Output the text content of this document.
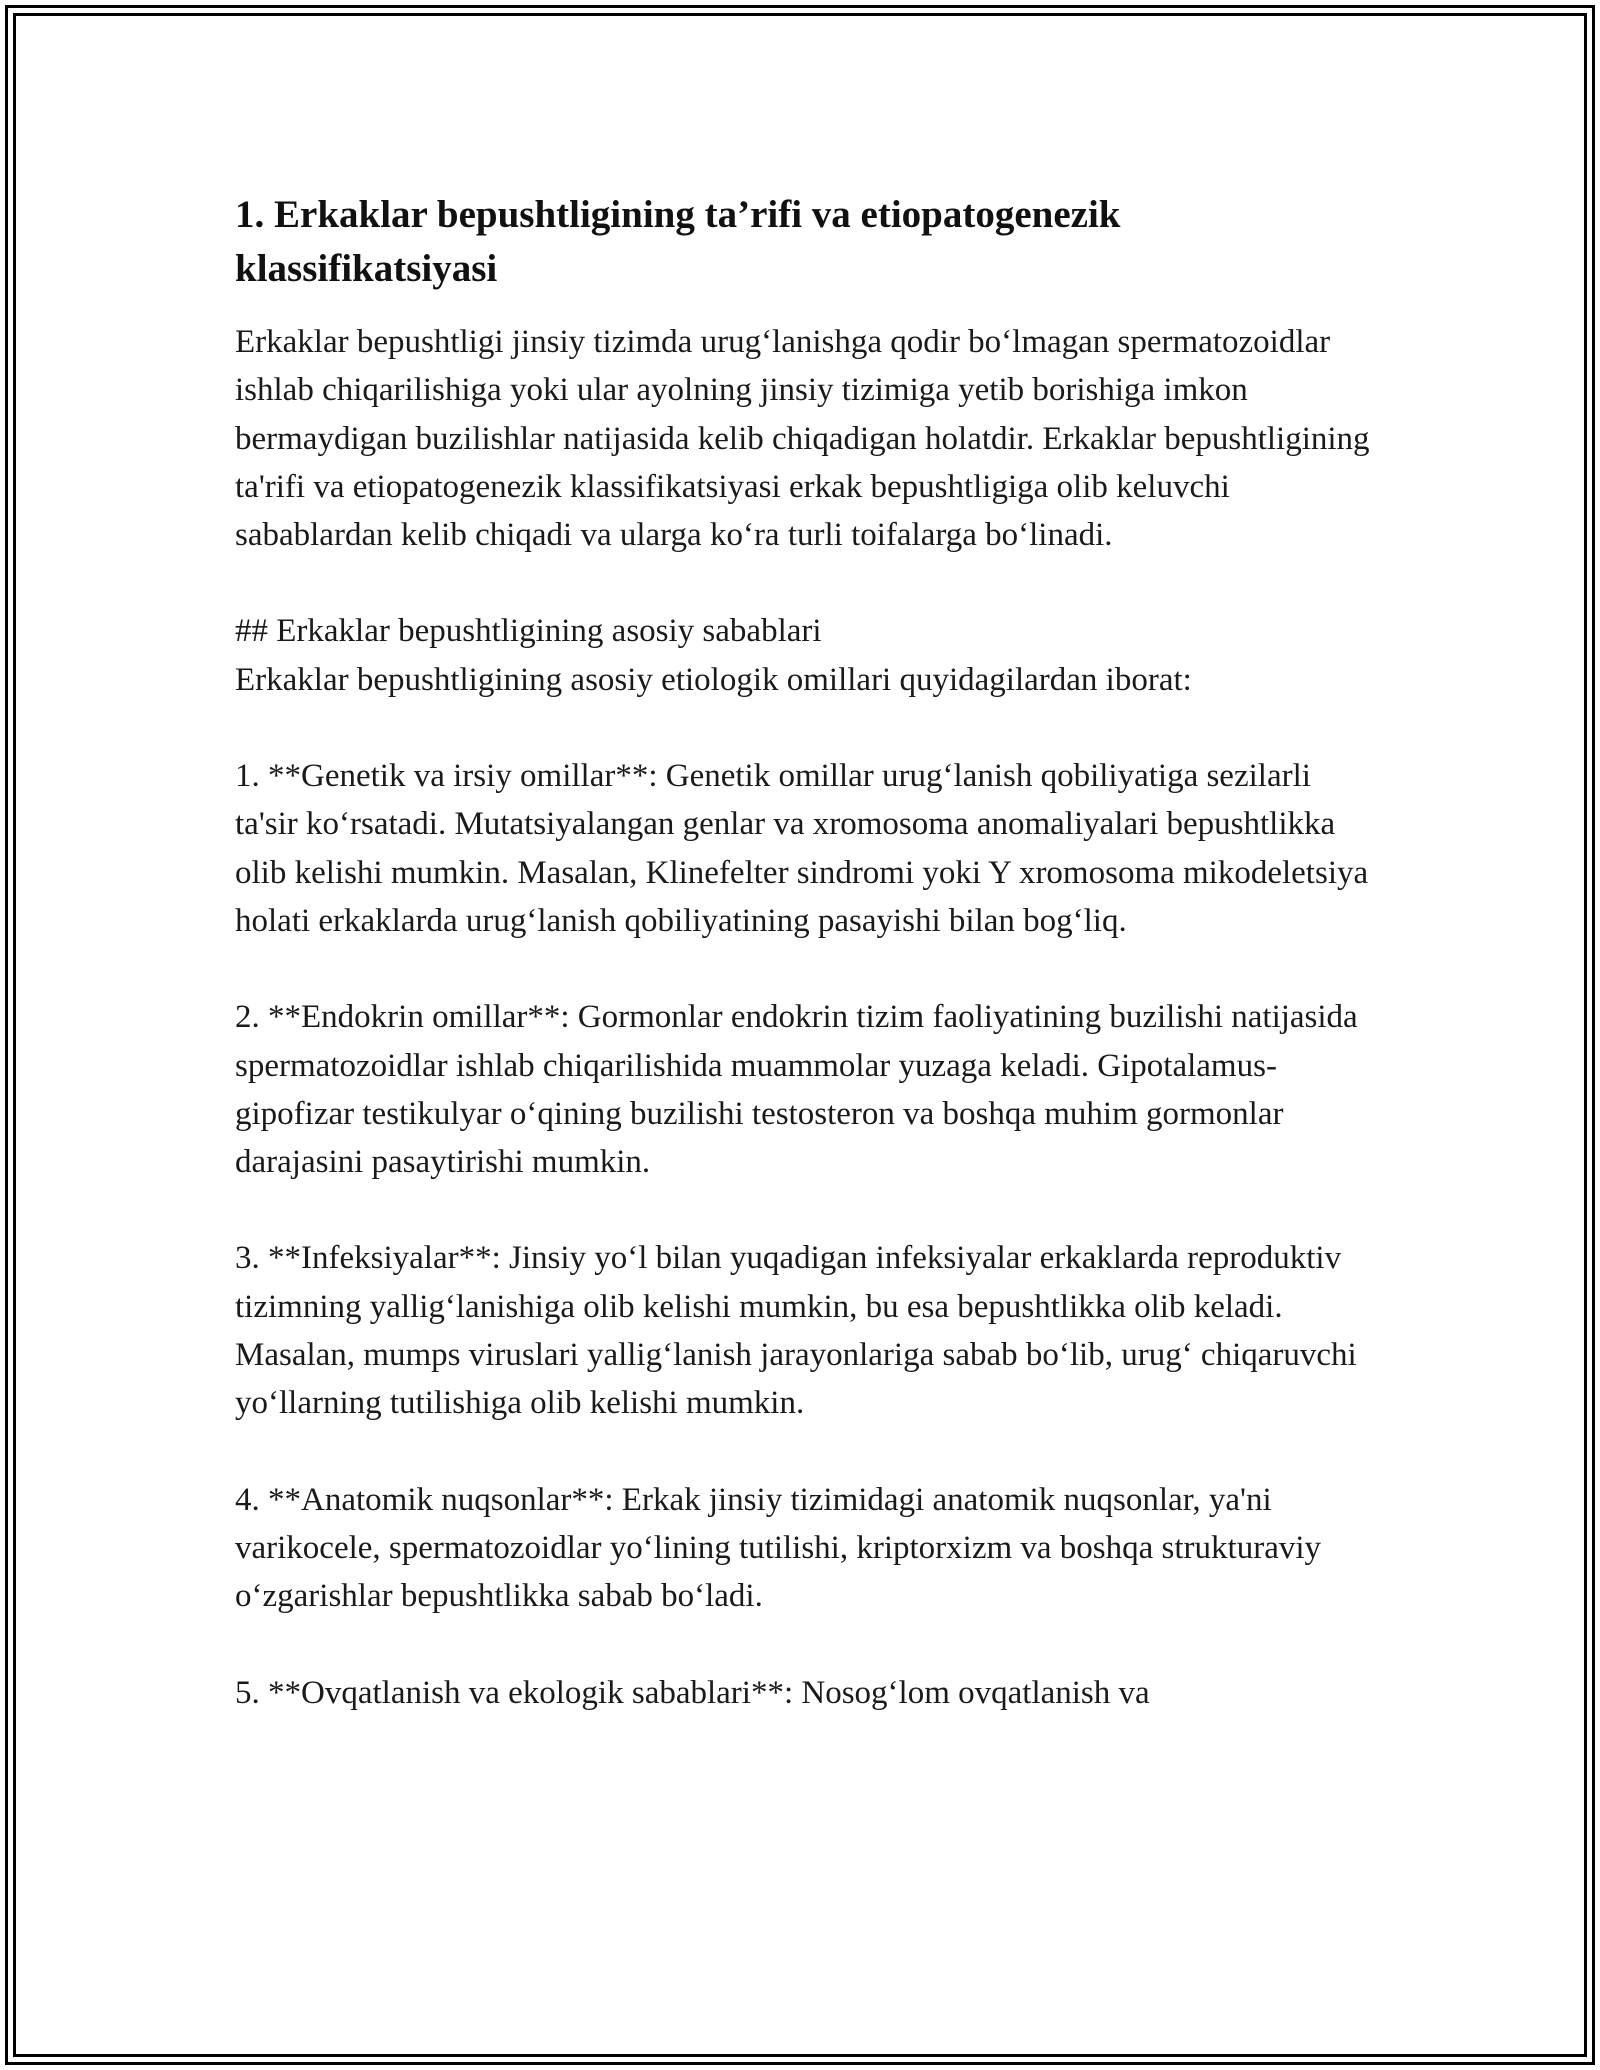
1. Erkaklar bepushtligining ta’rifi va etiopatogenezik klassifikatsiyasi

Erkaklar bepushtligi jinsiy tizimda urug‘lanishga qodir bo‘lmagan spermatozoidlar ishlab chiqarilishiga yoki ular ayolning jinsiy tizimiga yetib borishiga imkon bermaydigan buzilishlar natijasida kelib chiqadigan holatdir. Erkaklar bepushtligining ta'rifi va etiopatogenezik klassifikatsiyasi erkak bepushtligiga olib keluvchi sabablardan kelib chiqadi va ularga ko‘ra turli toifalarga bo‘linadi.

## Erkaklar bepushtligining asosiy sabablari

Erkaklar bepushtligining asosiy etiologik omillari quyidagilardan iborat:

1. **Genetik va irsiy omillar**: Genetik omillar urug‘lanish qobiliyatiga sezilarli ta'sir ko‘rsatadi. Mutatsiyalangan genlar va xromosoma anomaliyalari bepushtlikka olib kelishi mumkin. Masalan, Klinefelter sindromi yoki Y xromosoma mikodeletsiya holati erkaklarda urug‘lanish qobiliyatining pasayishi bilan bog‘liq.

2. **Endokrin omillar**: Gormonlar endokrin tizim faoliyatining buzilishi natijasida spermatozoidlar ishlab chiqarilishida muammolar yuzaga keladi. Gipotalamus-gipofizar testikulyar o‘qining buzilishi testosteron va boshqa muhim gormonlar darajasini pasaytirishi mumkin.

3. **Infeksiyalar**: Jinsiy yo‘l bilan yuqadigan infeksiyalar erkaklarda reproduktiv tizimning yallig‘lanishiga olib kelishi mumkin, bu esa bepushtlikka olib keladi. Masalan, mumps viruslari yallig‘lanish jarayonlariga sabab bo‘lib, urug‘ chiqaruvchi yo‘llarning tutilishiga olib kelishi mumkin.

4. **Anatomik nuqsonlar**: Erkak jinsiy tizimidagi anatomik nuqsonlar, ya'ni varikocele, spermatozoidlar yo‘lining tutilishi, kriptorxizm va boshqa strukturaviy o‘zgarishlar bepushtlikka sabab bo‘ladi.

5. **Ovqatlanish va ekologik sabablari**: Nosog‘lom ovqatlanish va
